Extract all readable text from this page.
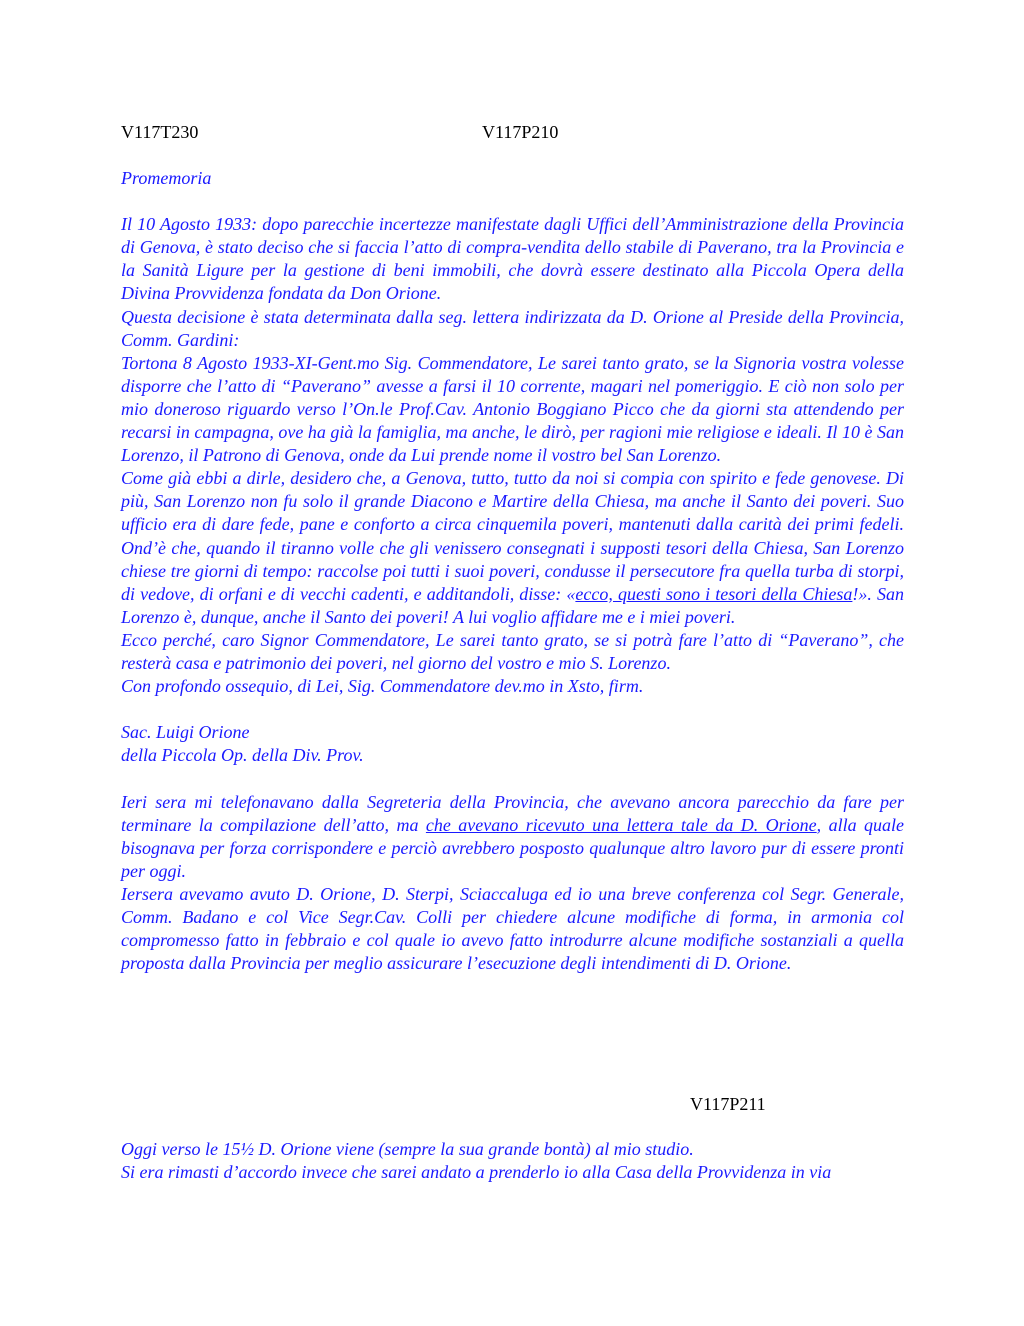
V117T230	V117P210

Promemoria

Il 10 Agosto 1933: dopo parecchie incertezze manifestate dagli Uffici dell’Amministrazione della Provincia di Genova, è stato deciso che si faccia l’atto di compra-vendita dello stabile di Paverano, tra la Provincia e la Sanità Ligure per la gestione di beni immobili, che dovrà essere destinato alla Piccola Opera della Divina Provvidenza fondata da Don Orione.

Questa decisione è stata determinata dalla seg. lettera indirizzata da D. Orione al Preside della Provincia, Comm. Gardini:

Tortona 8 Agosto 1933-XI-Gent.mo Sig. Commendatore, Le sarei tanto grato, se la Signoria vostra volesse disporre che l’atto di “Paverano” avesse a farsi il 10 corrente, magari nel pomeriggio. E ciò non solo per mio doneroso riguardo verso l’On.le Prof.Cav. Antonio Boggiano Picco che da giorni sta attendendo per recarsi in campagna, ove ha già la famiglia, ma anche, le dirò, per ragioni mie religiose e ideali. Il 10 è San Lorenzo, il Patrono di Genova, onde da Lui prende nome il vostro bel San Lorenzo.

Come già ebbi a dirle, desidero che, a Genova, tutto, tutto da noi si compia con spirito e fede genovese. Di più, San Lorenzo non fu solo il grande Diacono e Martire della Chiesa, ma anche il Santo dei poveri. Suo ufficio era di dare fede, pane e conforto a circa cinquemila poveri, mantenuti dalla carità dei primi fedeli. Ond’è che, quando il tiranno volle che gli venissero consegnati i supposti tesori della Chiesa, San Lorenzo chiese tre giorni di tempo: raccolse poi tutti i suoi poveri, condusse il persecutore fra quella turba di storpi, di vedove, di orfani e di vecchi cadenti, e additandoli, disse: «ecco, questi sono i tesori della Chiesa!». San Lorenzo è, dunque, anche il Santo dei poveri! A lui voglio affidare me e i miei poveri.

Ecco perché, caro Signor Commendatore, Le sarei tanto grato, se si potrà fare l’atto di “Paverano”, che resterà casa e patrimonio dei poveri, nel giorno del vostro e mio S. Lorenzo.

Con profondo ossequio, di Lei, Sig. Commendatore dev.mo in Xsto, firm.

Sac. Luigi Orione

della Piccola Op. della Div. Prov.

Ieri sera mi telefonavano dalla Segreteria della Provincia, che avevano ancora parecchio da fare per terminare la compilazione dell’atto, ma che avevano ricevuto una lettera tale da D. Orione, alla quale bisognava per forza corrispondere e perciò avrebbero posposto qualunque altro lavoro pur di essere pronti per oggi.

Iersera avevamo avuto D. Orione, D. Sterpi, Sciaccaluga ed io una breve conferenza col Segr. Generale, Comm. Badano e col Vice Segr.Cav. Colli per chiedere alcune modifiche di forma, in armonia col compromesso fatto in febbraio e col quale io avevo fatto introdurre alcune modifiche sostanziali a quella proposta dalla Provincia per meglio assicurare l’esecuzione degli intendimenti di D. Orione.

V117P211

Oggi verso le 15½ D. Orione viene (sempre la sua grande bontà) al mio studio.

Si era rimasti d’accordo invece che sarei andato a prenderlo io alla Casa della Provvidenza in via
